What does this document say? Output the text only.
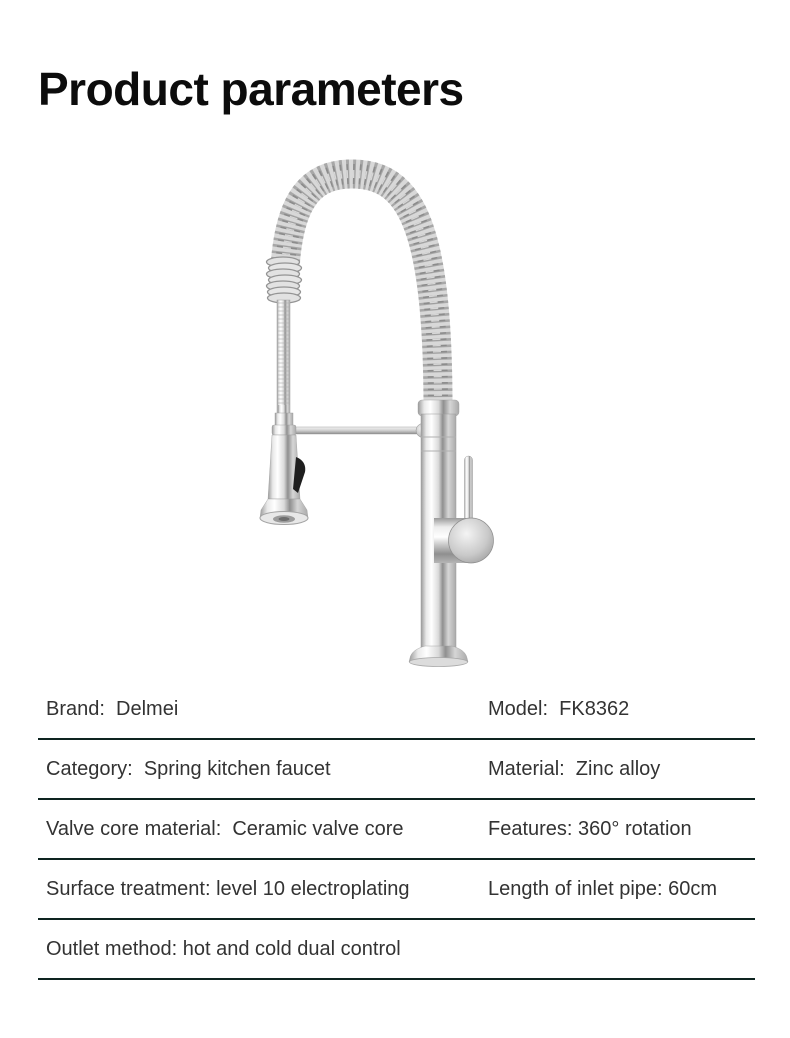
Product parameters
Brand:  Delmei	Model:  FK8362
Category:  Spring kitchen faucet	Material:  Zinc alloy
Valve core material:  Ceramic valve core	Features: 360° rotation
Surface treatment: level 10 electroplating	Length of inlet pipe: 60cm
Outlet method: hot and cold dual control
